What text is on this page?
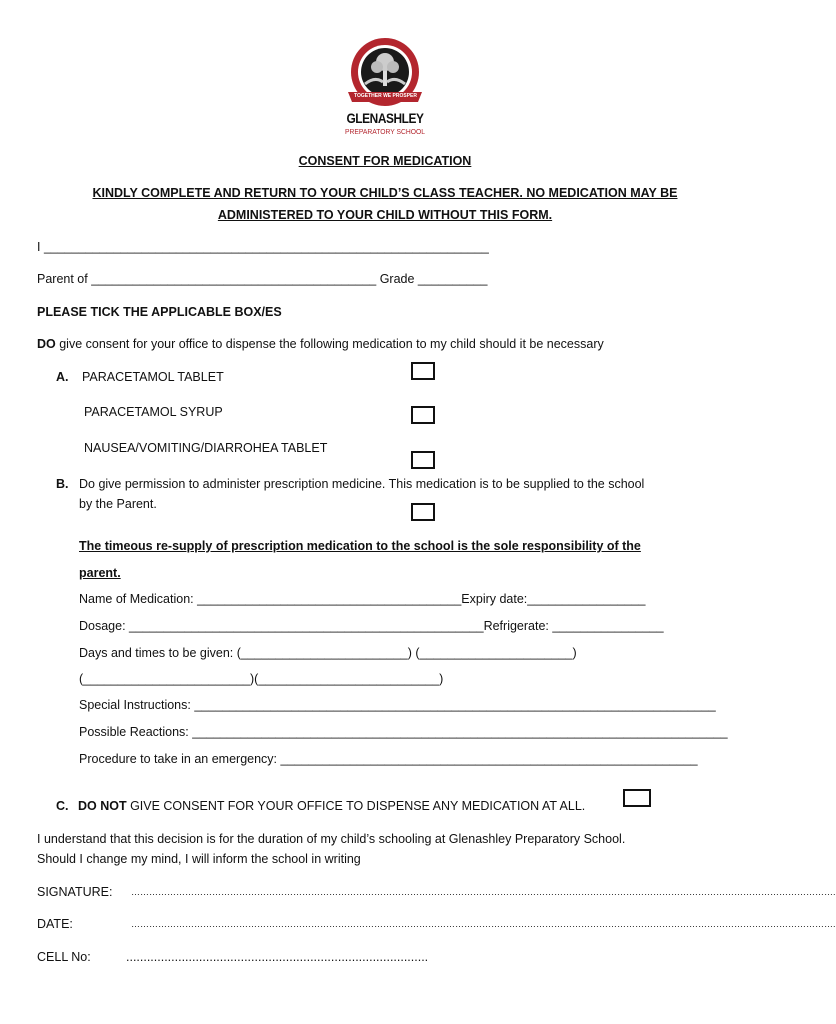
TOGETHER WE PROSPER
GLENASHLEY
PREPARATORY SCHOOL
CONSENT FOR MEDICATION
KINDLY COMPLETE AND RETURN TO YOUR CHILD’S CLASS TEACHER. NO MEDICATION MAY BE
ADMINISTERED TO YOUR CHILD WITHOUT THIS FORM.
I ________________________________________________________________
Parent of _________________________________________ Grade __________
PLEASE TICK THE APPLICABLE BOX/ES
DO give consent for your office to dispense the following medication to my child should it be necessary
A. PARACETAMOL TABLET
PARACETAMOL SYRUP
NAUSEA/VOMITING/DIARROHEA TABLET
B. Do give permission to administer prescription medicine. This medication is to be supplied to the school
by the Parent.
The timeous re-supply of prescription medication to the school is the sole responsibility of the
parent.
Name of Medication: ______________________________________Expiry date:_________________
Dosage: ___________________________________________________Refrigerate: ________________
Days and times to be given: (________________________) (______________________)
(________________________)(__________________________)
Special Instructions: ___________________________________________________________________________
Possible Reactions: _____________________________________________________________________________
Procedure to take in an emergency: ____________________________________________________________
C. DO NOT GIVE CONSENT FOR YOUR OFFICE TO DISPENSE ANY MEDICATION AT ALL.
I understand that this decision is for the duration of my child’s schooling at Glenashley Preparatory School.
Should I change my mind, I will inform the school in writing
SIGNATURE: ……………………………………………………………………………………………………………………………………………………………………………………………………………….
DATE:	……………………………………………………………………………………………………………………………………………………………………………………………………………….
CELL No:	.......................................................................................
